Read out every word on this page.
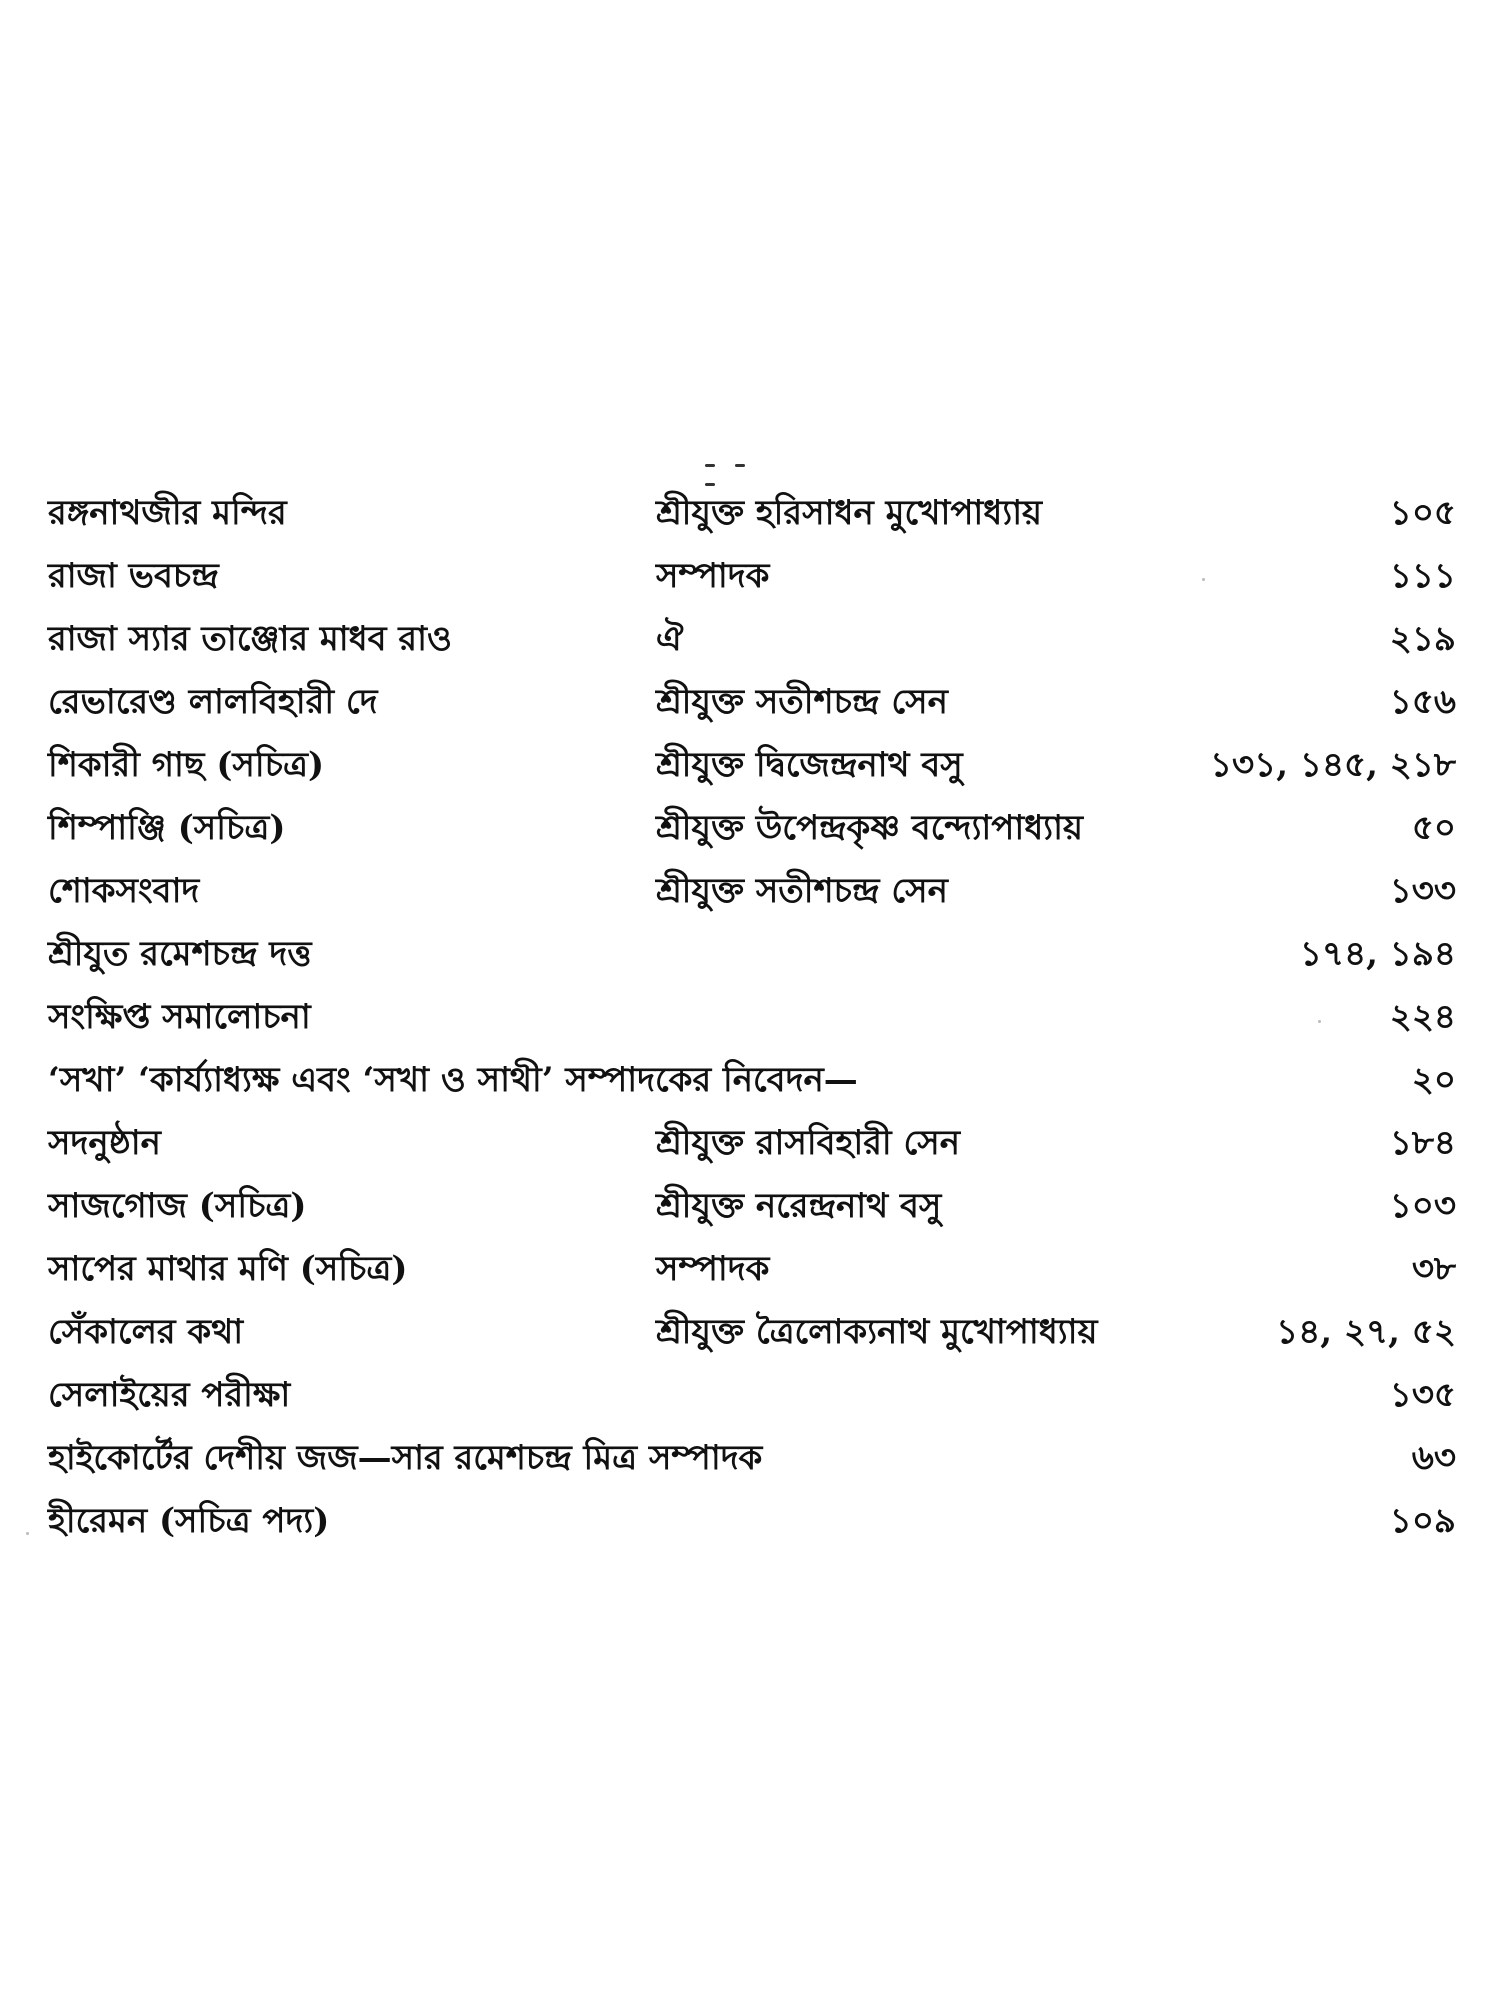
রঙ্গনাথজীর মন্দির	শ্রীযুক্ত হরিসাধন মুখোপাধ্যায়	১০৫
রাজা ভবচন্দ্র	সম্পাদক	১১১
রাজা স্যার তাঞ্জোর মাধব রাও	ঐ	২১৯
রেভারেণ্ড লালবিহারী দে	শ্রীযুক্ত সতীশচন্দ্র সেন	১৫৬
শিকারী গাছ (সচিত্র)	শ্রীযুক্ত দ্বিজেন্দ্রনাথ বসু	১৩১, ১৪৫, ২১৮
শিম্পাঞ্জি (সচিত্র)	শ্রীযুক্ত উপেন্দ্রকৃষ্ণ বন্দ্যোপাধ্যায়	৫০
শোকসংবাদ	শ্রীযুক্ত সতীশচন্দ্র সেন	১৩৩
শ্রীযুত রমেশচন্দ্র দত্ত	১৭৪, ১৯৪
সংক্ষিপ্ত সমালোচনা	২২৪
‘সখা’ ‘কার্য্যাধ্যক্ষ এবং ‘সখা ও সাথী’ সম্পাদকের নিবেদন—	২০
সদনুষ্ঠান	শ্রীযুক্ত রাসবিহারী সেন	১৮৪
সাজগোজ (সচিত্র)	শ্রীযুক্ত নরেন্দ্রনাথ বসু	১০৩
সাপের মাথার মণি (সচিত্র)	সম্পাদক	৩৮
সেঁকালের কথা	শ্রীযুক্ত ত্রৈলোক্যনাথ মুখোপাধ্যায়	১৪, ২৭, ৫২
সেলাইয়ের পরীক্ষা	১৩৫
হাইকোর্টের দেশীয় জজ—সার রমেশচন্দ্র মিত্র সম্পাদক	৬৩
হীরেমন (সচিত্র পদ্য)	১০৯
